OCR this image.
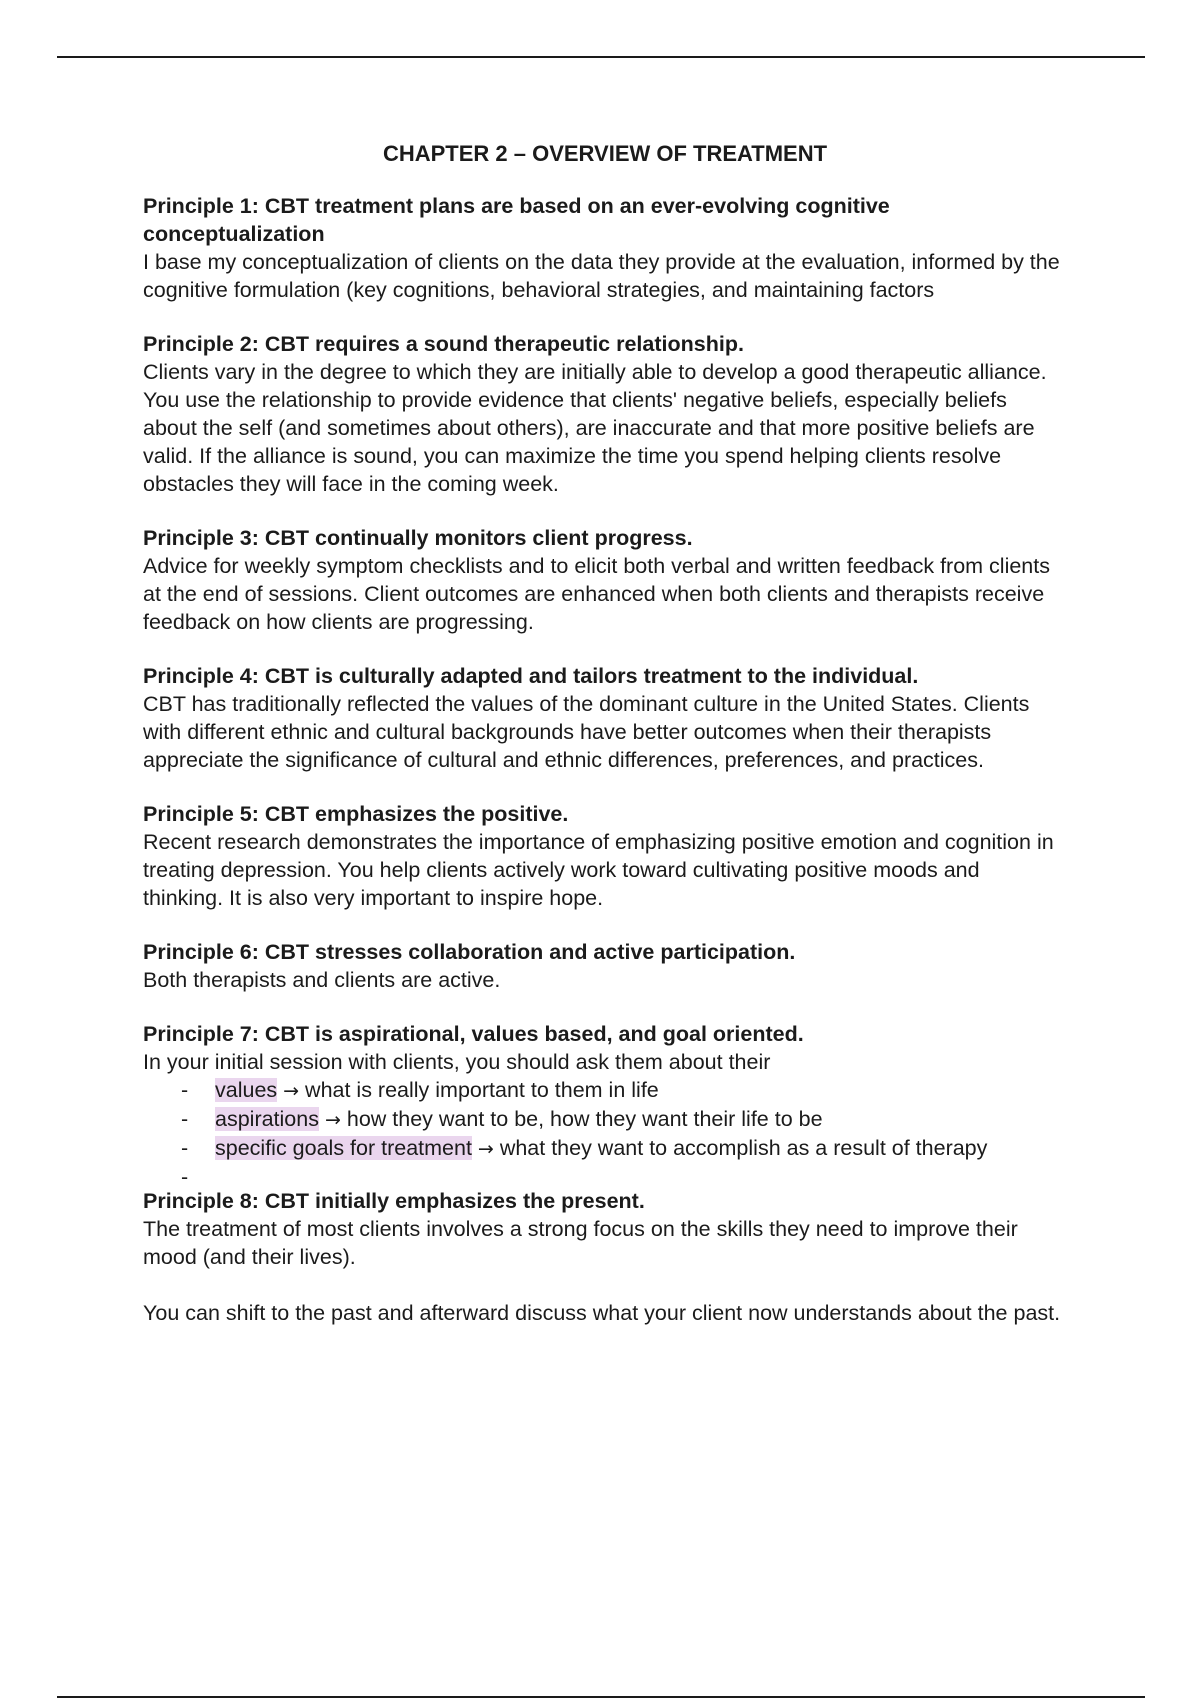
CHAPTER 2 – OVERVIEW OF TREATMENT

Principle 1: CBT treatment plans are based on an ever-evolving cognitive conceptualization

I base my conceptualization of clients on the data they provide at the evaluation, informed by the cognitive formulation (key cognitions, behavioral strategies, and maintaining factors

Principle 2: CBT requires a sound therapeutic relationship.

Clients vary in the degree to which they are initially able to develop a good therapeutic alliance.

You use the relationship to provide evidence that clients' negative beliefs, especially beliefs about the self (and sometimes about others), are inaccurate and that more positive beliefs are valid. If the alliance is sound, you can maximize the time you spend helping clients resolve obstacles they will face in the coming week.

Principle 3: CBT continually monitors client progress.

Advice for weekly symptom checklists and to elicit both verbal and written feedback from clients at the end of sessions. Client outcomes are enhanced when both clients and therapists receive feedback on how clients are progressing.

Principle 4: CBT is culturally adapted and tailors treatment to the individual.

CBT has traditionally reflected the values of the dominant culture in the United States. Clients with different ethnic and cultural backgrounds have better outcomes when their therapists appreciate the significance of cultural and ethnic differences, preferences, and practices.

Principle 5: CBT emphasizes the positive.

Recent research demonstrates the importance of emphasizing positive emotion and cognition in treating depression. You help clients actively work toward cultivating positive moods and thinking. It is also very important to inspire hope.

Principle 6: CBT stresses collaboration and active participation.

Both therapists and clients are active.

Principle 7: CBT is aspirational, values based, and goal oriented.

In your initial session with clients, you should ask them about their

- values → what is really important to them in life
- aspirations → how they want to be, how they want their life to be
- specific goals for treatment → what they want to accomplish as a result of therapy
-

Principle 8: CBT initially emphasizes the present.

The treatment of most clients involves a strong focus on the skills they need to improve their mood (and their lives).

You can shift to the past and afterward discuss what your client now understands about the past.
